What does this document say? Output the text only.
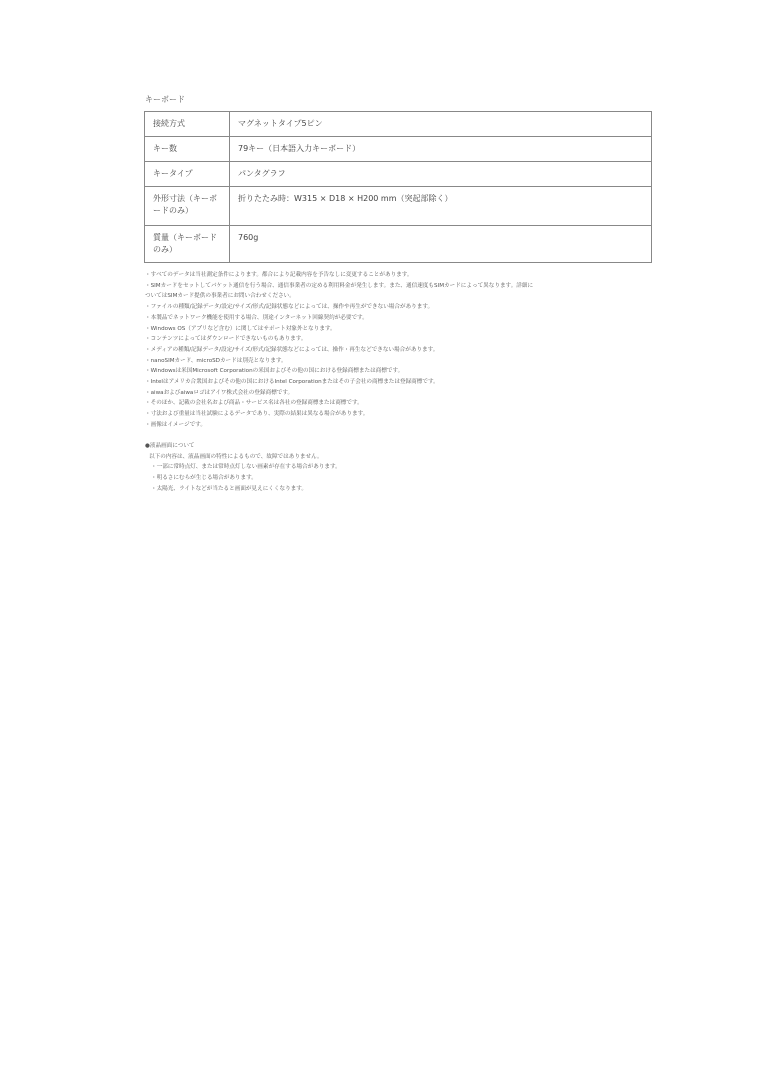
キーボード
接続方式	マグネットタイプ5ピン
キー数	79キー（日本語入力キーボード）
キータイプ	パンタグラフ
外形寸法（キーボードのみ）	折りたたみ時：W315 × D18 × H200 mm（突起部除く）
質量（キーボードのみ）	760g
・すべてのデータは当社測定条件によります。都合により記載内容を予告なしに変更することがあります。
・SIMカードをセットしてパケット通信を行う場合、通信事業者の定める利用料金が発生します。また、通信速度もSIMカードによって異なります。詳細に
ついてはSIMカード提供の事業者にお問い合わせください。
・ファイルの種類/記録データ/設定/サイズ/形式/記録状態などによっては、操作や再生ができない場合があります。
・本製品でネットワーク機能を使用する場合、別途インターネット回線契約が必要です。
・Windows OS（アプリなど含む）に関してはサポート対象外となります。
・コンテンツによってはダウンロードできないものもあります。
・メディアの種類/記録データ/設定/サイズ/形式/記録状態などによっては、操作・再生などできない場合があります。
・nanoSIMカード、microSDカードは別売となります。
・Windowsは米国Microsoft Corporationの米国およびその他の国における登録商標または商標です。
・Intelはアメリカ合衆国およびその他の国におけるIntel Corporationまたはその子会社の商標または登録商標です。
・aiwaおよびaiwaロゴはアイワ株式会社の登録商標です。
・そのほか、記載の会社名および商品・サービス名は各社の登録商標または商標です。
・寸法および重量は当社試験によるデータであり、実際の結果は異なる場合があります。
・画像はイメージです。
●液晶画面について
以下の内容は、液晶画面の特性によるもので、故障ではありません。
・一部に常時点灯、または常時点灯しない画素が存在する場合があります。
・明るさにむらが生じる場合があります。
・太陽光、ライトなどが当たると画面が見えにくくなります。
